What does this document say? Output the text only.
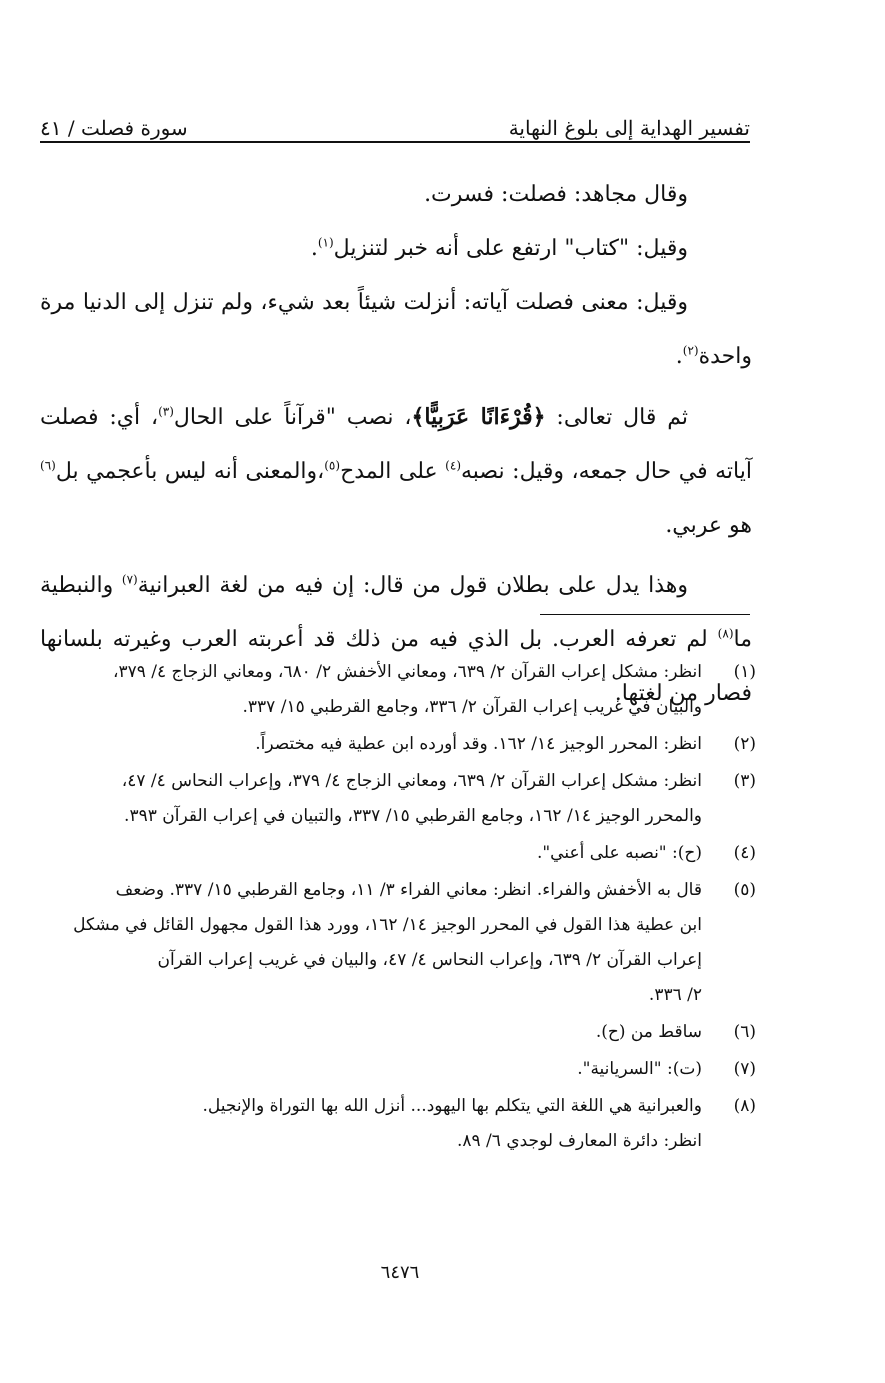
تفسير الهداية إلى بلوغ النهاية
سورة فصلت / ٤١

وقال مجاهد: فصلت: فسرت.

وقيل: "كتاب" ارتفع على أنه خبر لتنزيل$^{(١)}$.

وقيل: معنى فصلت آياته: أنزلت شيئاً بعد شيء، ولم تنزل إلى الدنيا مرة واحدة$^{(٢)}$.

ثم قال تعالى: ﴿قُرْءَانًا عَرَبِيًّا﴾، نصب "قرآناً على الحال$^{(٣)}$، أي: فصلت آياته في حال جمعه، وقيل: نصبه$^{(٤)}$ على المدح$^{(٥)}$،والمعنى أنه ليس بأعجمي بل$^{(٦)}$ هو عربي.

وهذا يدل على بطلان قول من قال: إن فيه من لغة العبرانية$^{(٧)}$ والنبطية ما$^{(٨)}$ لم تعرفه العرب. بل الذي فيه من ذلك قد أعربته العرب وغيرته بلسانها فصار من لغتها.

(١)
انظر: مشكل إعراب القرآن ٢/ ٦٣٩، ومعاني الأخفش ٢/ ٦٨٠، ومعاني الزجاج ٤/ ٣٧٩،
والبيان في غريب إعراب القرآن ٢/ ٣٣٦، وجامع القرطبي ١٥/ ٣٣٧.
(٢)
انظر: المحرر الوجيز ١٤/ ١٦٢. وقد أورده ابن عطية فيه مختصراً.
(٣)
انظر: مشكل إعراب القرآن ٢/ ٦٣٩، ومعاني الزجاج ٤/ ٣٧٩، وإعراب النحاس ٤/ ٤٧،
والمحرر الوجيز ١٤/ ١٦٢، وجامع القرطبي ١٥/ ٣٣٧، والتبيان في إعراب القرآن ٣٩٣.
(٤)
(ح): "نصبه على أعني".
(٥)
قال به الأخفش والفراء. انظر: معاني الفراء ٣/ ١١، وجامع القرطبي ١٥/ ٣٣٧. وضعف
ابن عطية هذا القول في المحرر الوجيز ١٤/ ١٦٢، وورد هذا القول مجهول القائل في مشكل
إعراب القرآن ٢/ ٦٣٩، وإعراب النحاس ٤/ ٤٧، والبيان في غريب إعراب القرآن
٢/ ٣٣٦.
(٦)
ساقط من (ح).
(٧)
(ت): "السريانية".
(٨)
والعبرانية هي اللغة التي يتكلم بها اليهود... أنزل الله بها التوراة والإنجيل.
انظر: دائرة المعارف لوجدي ٦/ ٨٩.
٦٤٧٦
